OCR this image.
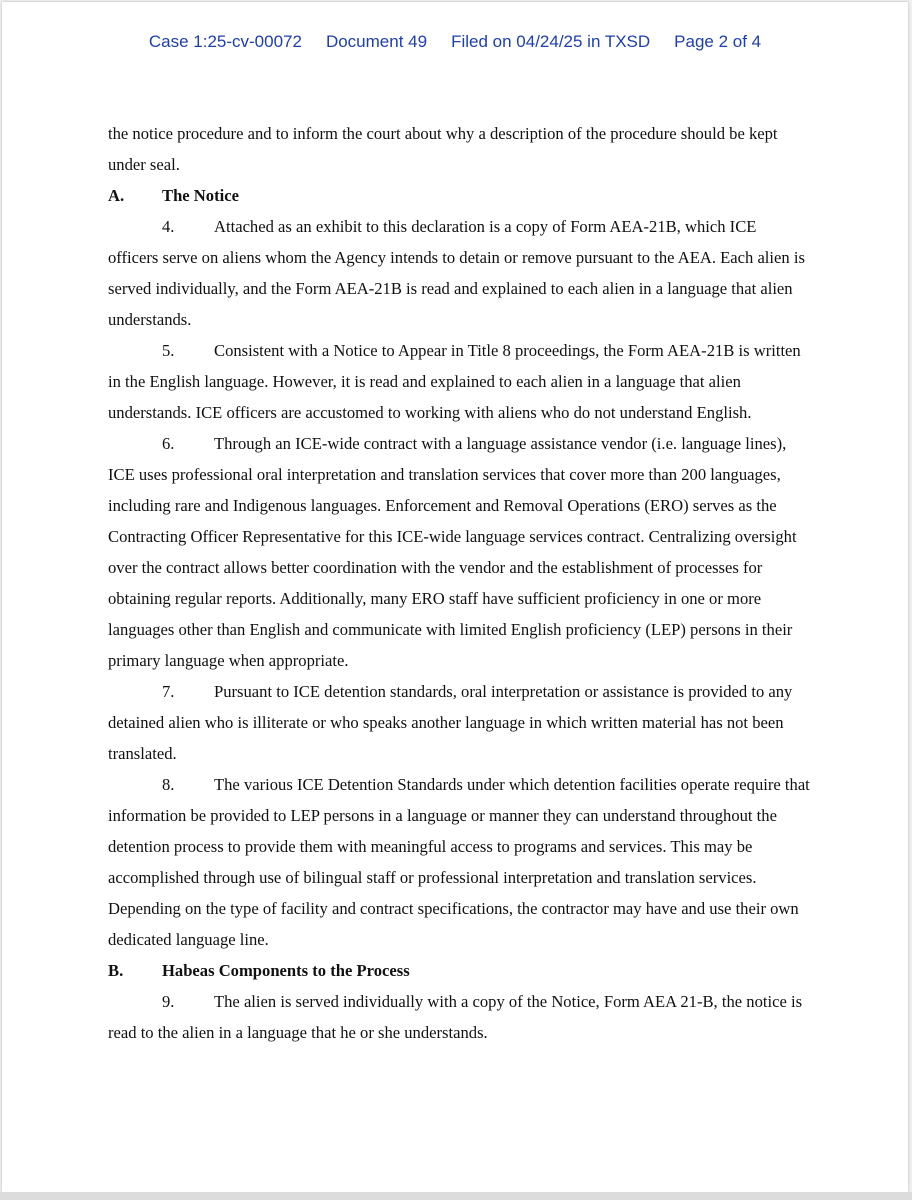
Case 1:25-cv-00072 Document 49 Filed on 04/24/25 in TXSD Page 2 of 4

the notice procedure and to inform the court about why a description of the procedure should be kept under seal.

A. The Notice

4. Attached as an exhibit to this declaration is a copy of Form AEA-21B, which ICE officers serve on aliens whom the Agency intends to detain or remove pursuant to the AEA. Each alien is served individually, and the Form AEA-21B is read and explained to each alien in a language that alien understands.

5. Consistent with a Notice to Appear in Title 8 proceedings, the Form AEA-21B is written in the English language. However, it is read and explained to each alien in a language that alien understands. ICE officers are accustomed to working with aliens who do not understand English.

6. Through an ICE-wide contract with a language assistance vendor (i.e. language lines), ICE uses professional oral interpretation and translation services that cover more than 200 languages, including rare and Indigenous languages. Enforcement and Removal Operations (ERO) serves as the Contracting Officer Representative for this ICE-wide language services contract. Centralizing oversight over the contract allows better coordination with the vendor and the establishment of processes for obtaining regular reports. Additionally, many ERO staff have sufficient proficiency in one or more languages other than English and communicate with limited English proficiency (LEP) persons in their primary language when appropriate.

7. Pursuant to ICE detention standards, oral interpretation or assistance is provided to any detained alien who is illiterate or who speaks another language in which written material has not been translated.

8. The various ICE Detention Standards under which detention facilities operate require that information be provided to LEP persons in a language or manner they can understand throughout the detention process to provide them with meaningful access to programs and services. This may be accomplished through use of bilingual staff or professional interpretation and translation services. Depending on the type of facility and contract specifications, the contractor may have and use their own dedicated language line.

B. Habeas Components to the Process

9. The alien is served individually with a copy of the Notice, Form AEA 21-B, the notice is read to the alien in a language that he or she understands.
